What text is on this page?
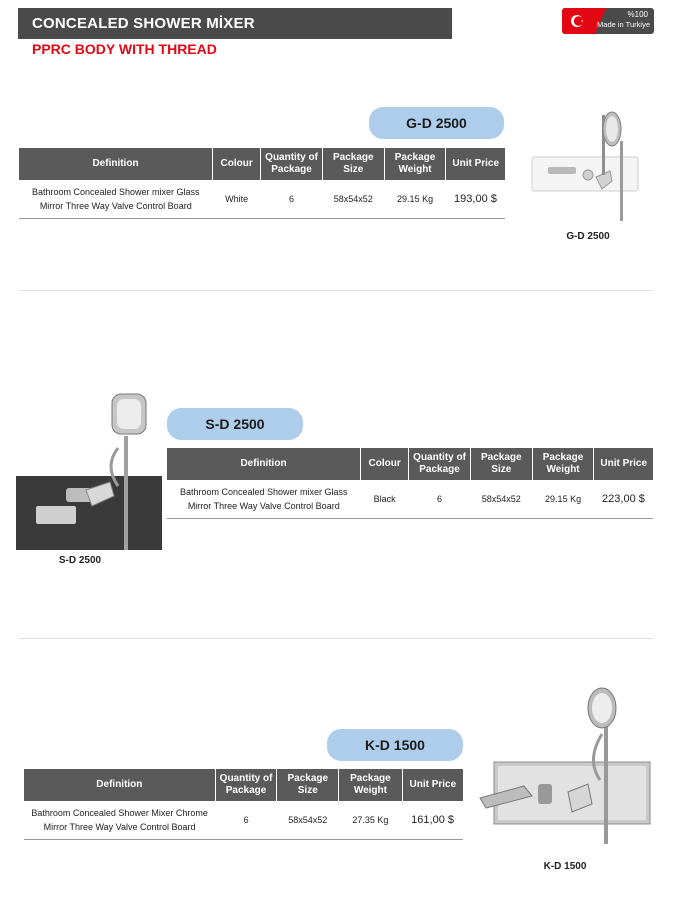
CONCEALED SHOWER MİXER
PPRC BODY WITH THREAD
%100
Made in Turkiye
G-D 2500
Definition	Colour	Quantity of Package	Package Size	Package Weight	Unit Price
Bathroom Concealed Shower mixer Glass Mirror Three Way Valve Control Board	White	6	58x54x52	29.15 Kg	193,00 $
G-D 2500
S-D 2500
S-D 2500
Definition	Colour	Quantity of Package	Package Size	Package Weight	Unit Price
Bathroom Concealed Shower mixer Glass Mirror Three Way Valve Control Board	Black	6	58x54x52	29.15 Kg	223,00 $
K-D 1500
K-D 1500
Definition	Quantity of Package	Package Size	Package Weight	Unit Price
Bathroom Concealed Shower Mixer Chrome Mirror Three Way Valve Control Board	6	58x54x52	27.35 Kg	161,00 $
